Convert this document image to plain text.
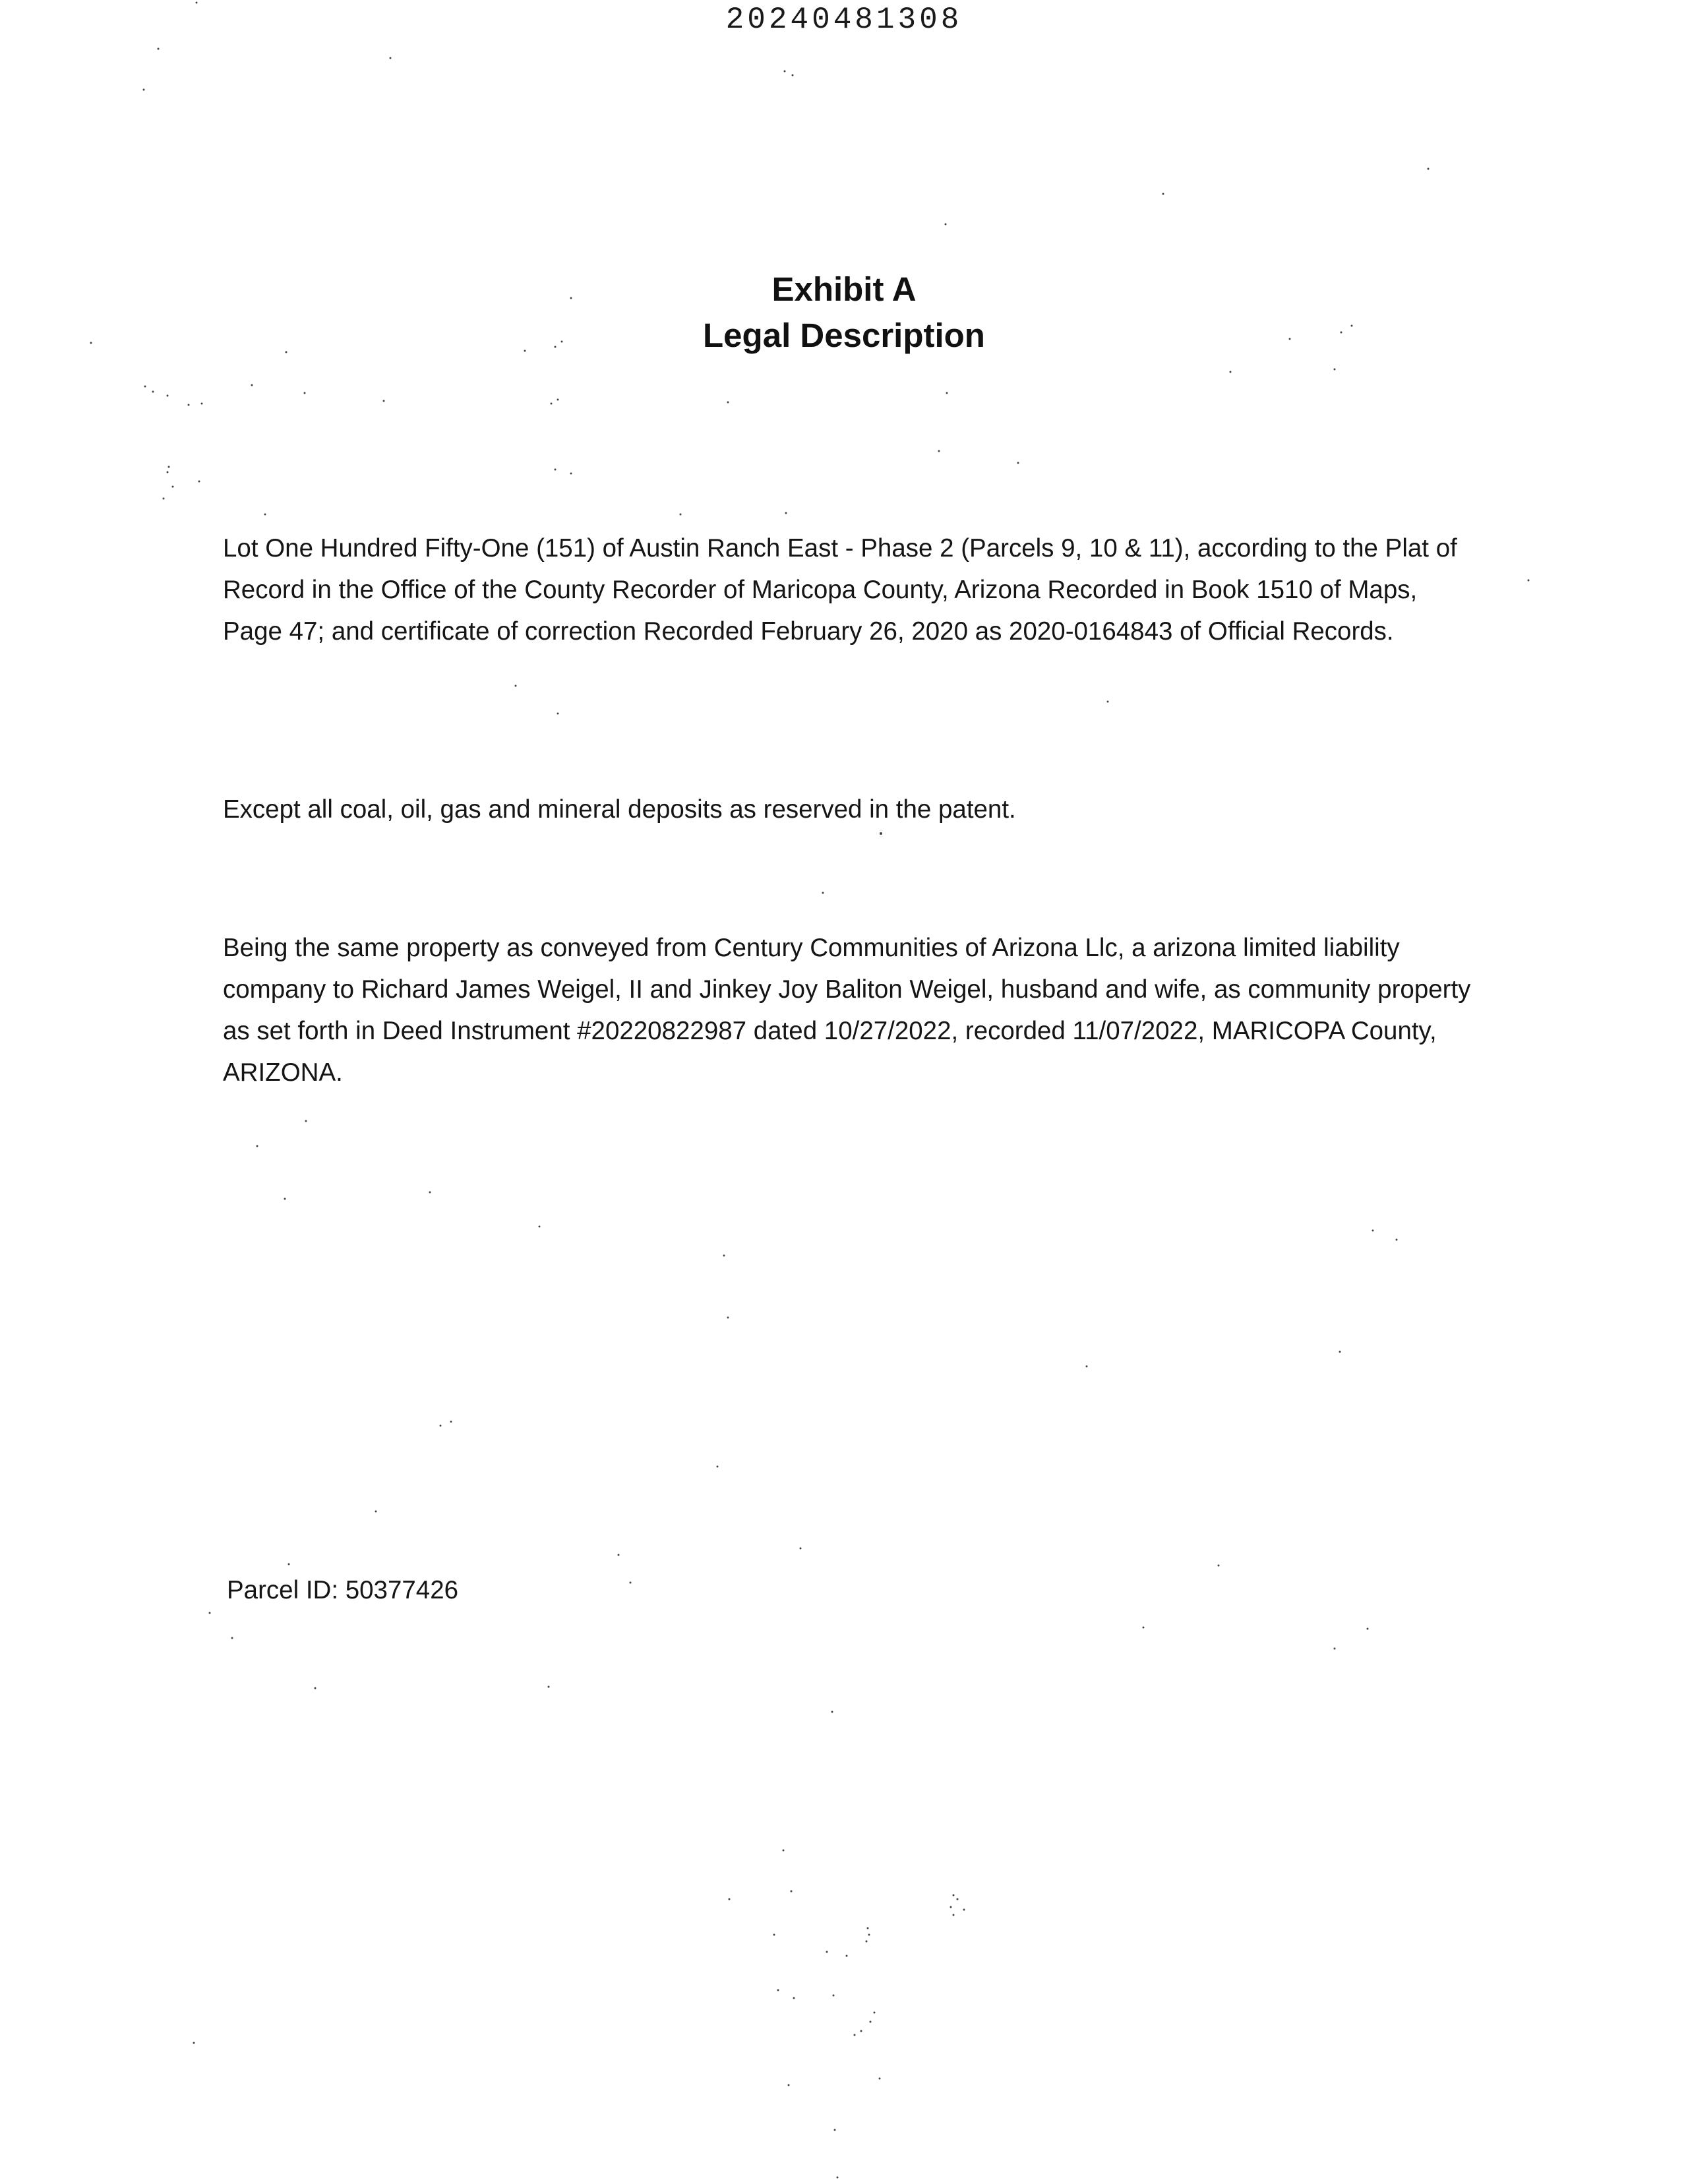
20240481308
Exhibit A
Legal Description
Lot One Hundred Fifty-One (151) of Austin Ranch East - Phase 2 (Parcels 9, 10 & 11), according to the Plat of Record in the Office of the County Recorder of Maricopa County, Arizona Recorded in Book 1510 of Maps, Page 47; and certificate of correction Recorded February 26, 2020 as 2020-0164843 of Official Records.
Except all coal, oil, gas and mineral deposits as reserved in the patent.
Being the same property as conveyed from Century Communities of Arizona Llc, a arizona limited liability company to Richard James Weigel, II and Jinkey Joy Baliton Weigel, husband and wife, as community property as set forth in Deed Instrument #20220822987 dated 10/27/2022, recorded 11/07/2022, MARICOPA County, ARIZONA.
Parcel ID: 50377426
